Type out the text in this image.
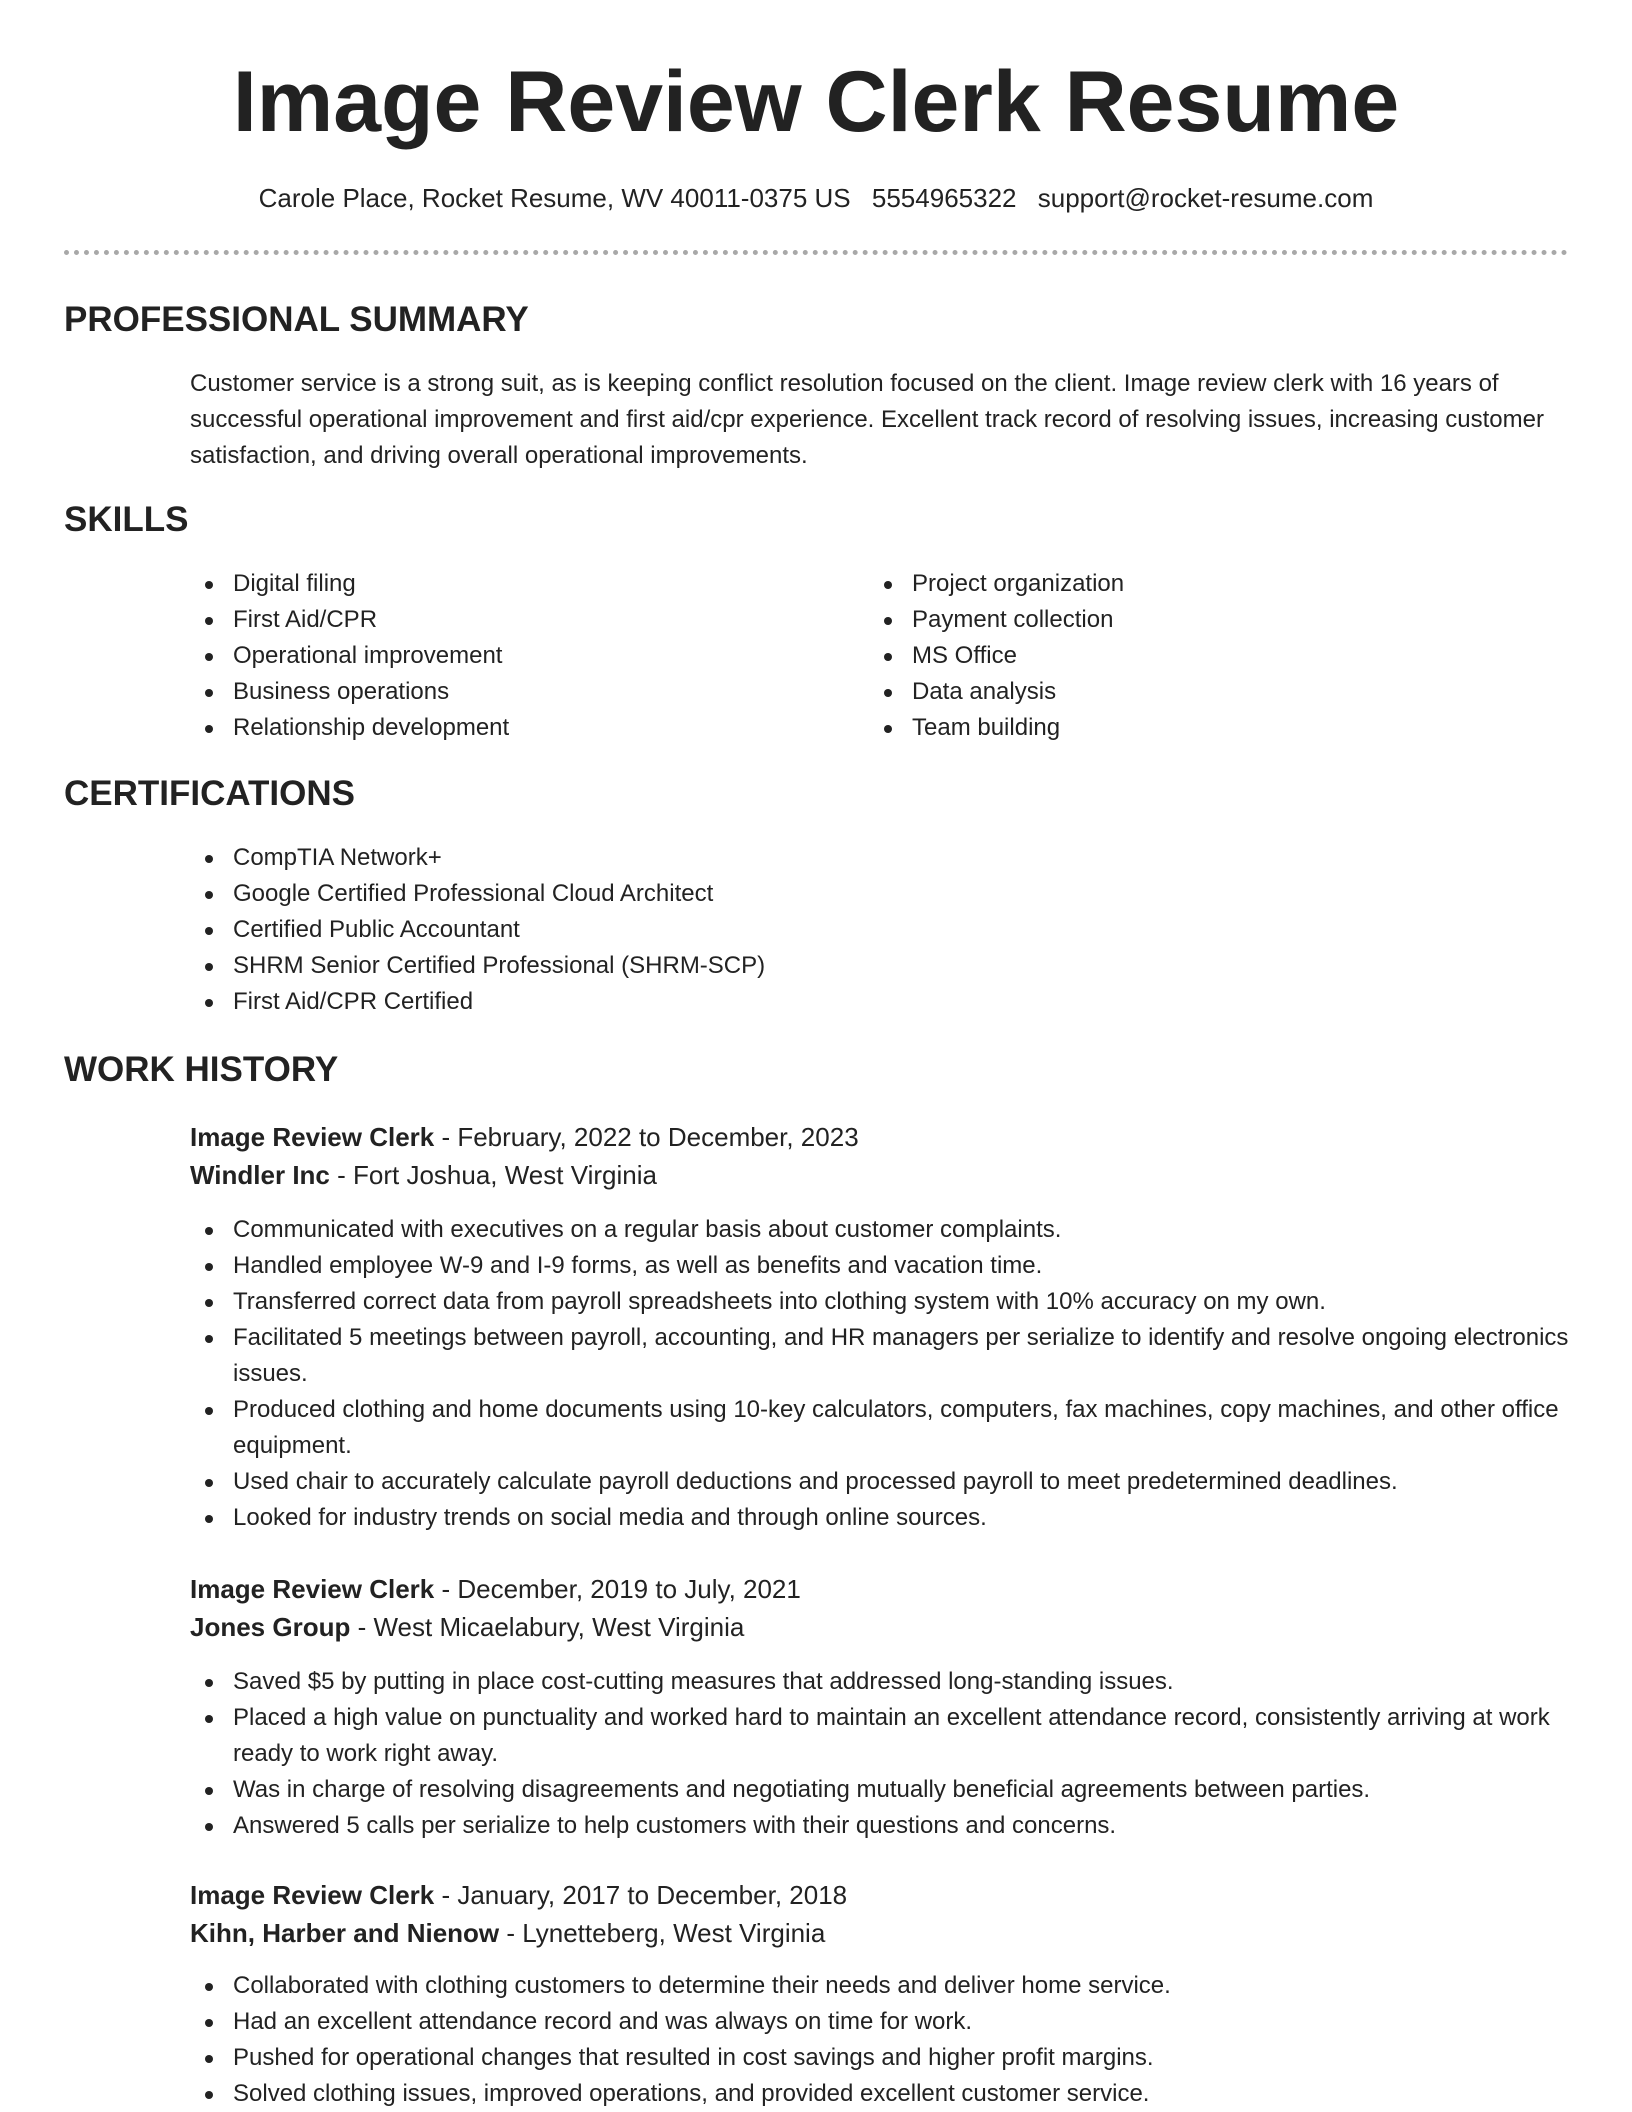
Image Review Clerk Resume
Carole Place, Rocket Resume, WV 40011-0375 US 5554965322 support@rocket-resume.com
PROFESSIONAL SUMMARY

Customer service is a strong suit, as is keeping conflict resolution focused on the client. Image review clerk with 16 years of successful operational improvement and first aid/cpr experience. Excellent track record of resolving issues, increasing customer satisfaction, and driving overall operational improvements.

SKILLS
Digital filing
First Aid/CPR
Operational improvement
Business operations
Relationship development
Project organization
Payment collection
MS Office
Data analysis
Team building
CERTIFICATIONS
CompTIA Network+
Google Certified Professional Cloud Architect
Certified Public Accountant
SHRM Senior Certified Professional (SHRM-SCP)
First Aid/CPR Certified
WORK HISTORY
Image Review Clerk - February, 2022 to December, 2023
Windler Inc - Fort Joshua, West Virginia
Communicated with executives on a regular basis about customer complaints.
Handled employee W-9 and I-9 forms, as well as benefits and vacation time.
Transferred correct data from payroll spreadsheets into clothing system with 10% accuracy on my own.
Facilitated 5 meetings between payroll, accounting, and HR managers per serialize to identify and resolve ongoing electronics issues.
Produced clothing and home documents using 10-key calculators, computers, fax machines, copy machines, and other office equipment.
Used chair to accurately calculate payroll deductions and processed payroll to meet predetermined deadlines.
Looked for industry trends on social media and through online sources.
Image Review Clerk - December, 2019 to July, 2021
Jones Group - West Micaelabury, West Virginia
Saved $5 by putting in place cost-cutting measures that addressed long-standing issues.
Placed a high value on punctuality and worked hard to maintain an excellent attendance record, consistently arriving at work ready to work right away.
Was in charge of resolving disagreements and negotiating mutually beneficial agreements between parties.
Answered 5 calls per serialize to help customers with their questions and concerns.
Image Review Clerk - January, 2017 to December, 2018
Kihn, Harber and Nienow - Lynetteberg, West Virginia
Collaborated with clothing customers to determine their needs and deliver home service.
Had an excellent attendance record and was always on time for work.
Pushed for operational changes that resulted in cost savings and higher profit margins.
Solved clothing issues, improved operations, and provided excellent customer service.
